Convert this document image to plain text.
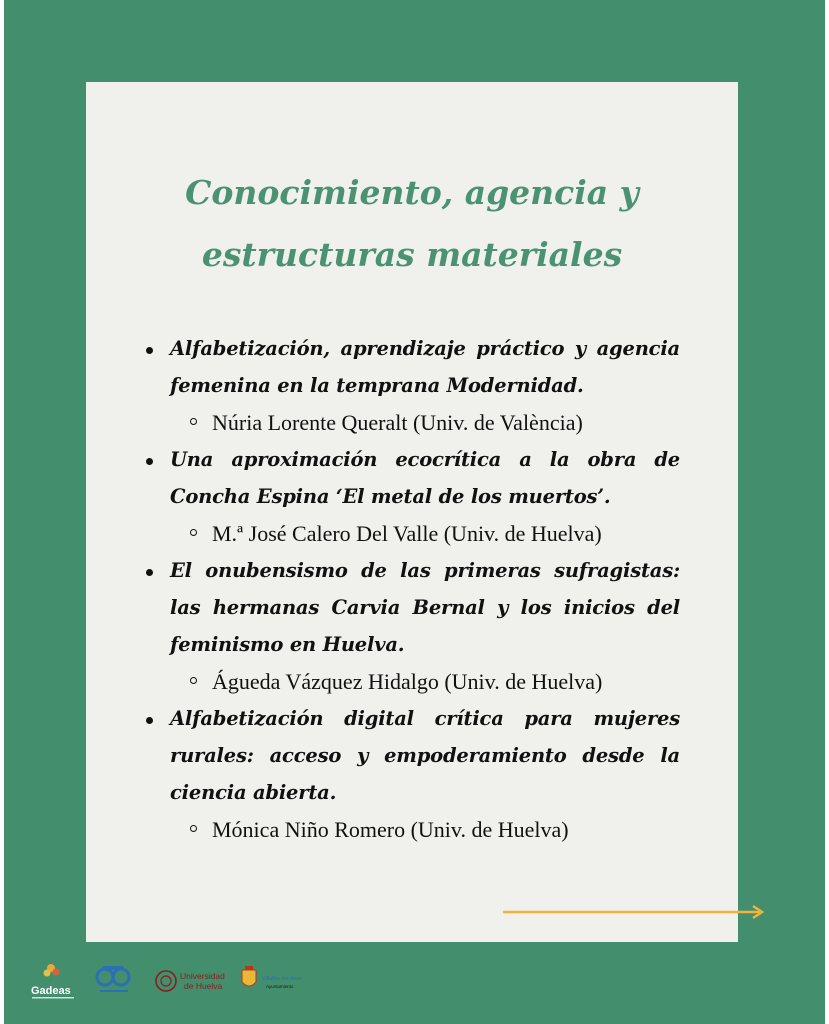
Conocimiento, agencia y
estructuras materiales
Alfabetización, aprendizaje práctico y agencia femenina en la temprana Modernidad.
Núria Lorente Queralt (Univ. de València)
Una aproximación ecocrítica a la obra de Concha Espina ‘El metal de los muertos’.
M.ª José Calero Del Valle (Univ. de Huelva)
El onubensismo de las primeras sufragistas: las hermanas Carvia Bernal y los inicios del feminismo en Huelva.
Águeda Vázquez Hidalgo (Univ. de Huelva)
Alfabetización digital crítica para mujeres rurales: acceso y empoderamiento desde la ciencia abierta.
Mónica Niño Romero (Univ. de Huelva)
Gadeas
Universidad
de Huelva
Villalba del Alcor
Ayuntamiento
